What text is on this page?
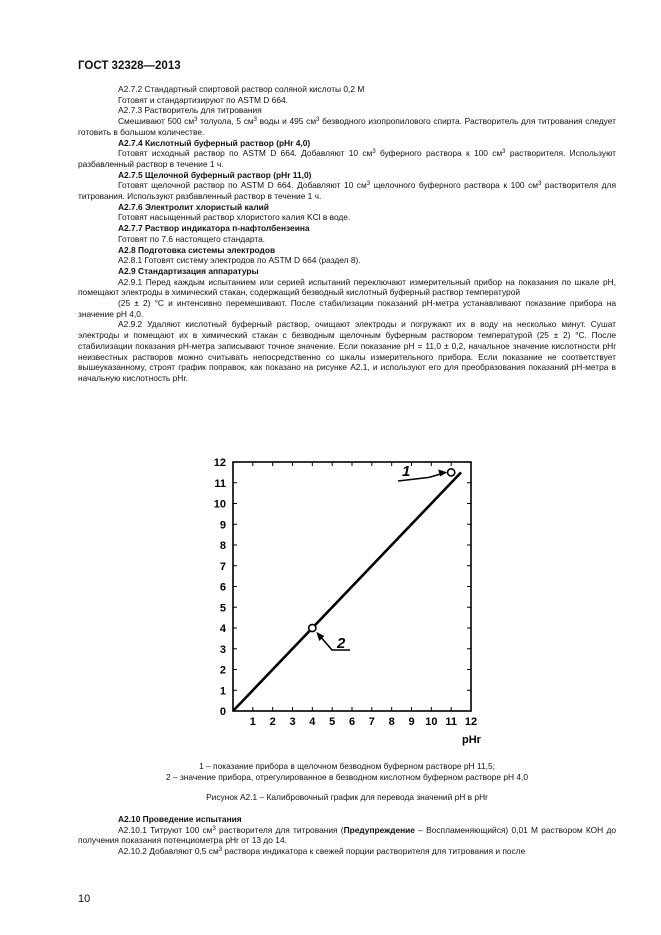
ГОСТ 32328—2013

А2.7.2 Стандартный спиртовой раствор соляной кислоты 0,2 М

Готовят и стандартизируют по ASTM D 664.

А2.7.3 Растворитель для титрования

Смешивают 500 $см^3$ толуола, 5 $см^3$ воды и 495 $см^3$ безводного изопропилового спирта. Растворитель для титрования следует готовить в большом количестве.

А2.7.4 Кислотный буферный раствор (pHr 4,0)

Готовят исходный раствор по ASTM D 664. Добавляют 10 $см^3$ буферного раствора к 100 $см^3$ растворителя. Используют разбавленный раствор в течение 1 ч.

А2.7.5 Щелочной буферный раствор (pHr 11,0)

Готовят щелочной раствор по ASTM D 664. Добавляют 10 $см^3$ щелочного буферного раствора к 100 $см^3$ растворителя для титрования. Используют разбавленный раствор в течение 1 ч.

А2.7.6 Электролит хлористый калий

Готовят насыщенный раствор хлористого калия KCl в воде.

А2.7.7 Раствор индикатора п-нафтолбензеина

Готовят по 7.6 настоящего стандарта.

А2.8 Подготовка системы электродов

А2.8.1 Готовят систему электродов по ASTM D 664 (раздел 8).

А2.9 Стандартизация аппаратуры

А2.9.1 Перед каждым испытанием или серией испытаний переключают измерительный прибор на показания по шкале pH, помещают электроды в химический стакан, содержащий безводный кислотный буферный раствор температурой

(25 ± 2) °С и интенсивно перемешивают. После стабилизации показаний pH-метра устанавливают показание прибора на значение pH 4,0.

А2.9.2 Удаляют кислотный буферный раствор, очищают электроды и погружают их в воду на несколько минут. Сушат электроды и помещают их в химический стакан с безводным щелочным буферным раствором температурой (25 ± 2) °С. После стабилизации показания pH-метра записывают точное значение. Если показание pH = 11,0 ± 0,2, начальное значение кислотности pHr неизвестных растворов можно считывать непосредственно со шкалы измерительного прибора. Если показание не соответствует вышеуказанному, строят график поправок, как показано на рисунке А2.1, и используют его для преобразования показаний pH-метра в начальную кислотность pHr.

1 2 3 4 5 6 7 8 9 10 11 12
0
1
2
3
4
5
6
7
8
9
10
11
12
pHr
1
2
1 – показание прибора в щелочном безводном буферном растворе pH 11,5;
2 – значение прибора, отрегулированное в безводном кислотном буферном растворе pH 4,0
Рисунок А2.1 – Калибровочный график для перевода значений pH в pHr

А2.10 Проведение испытания

А2.10.1 Титруют 100 $см^3$ растворителя для титрования (Предупреждение – Воспламеняющийся) 0,01 М раствором КОН до получения показания потенциометра pHr от 13 до 14.

А2.10.2 Добавляют 0,5 $см^3$ раствора индикатора к свежей порции растворителя для титрования и после

10
